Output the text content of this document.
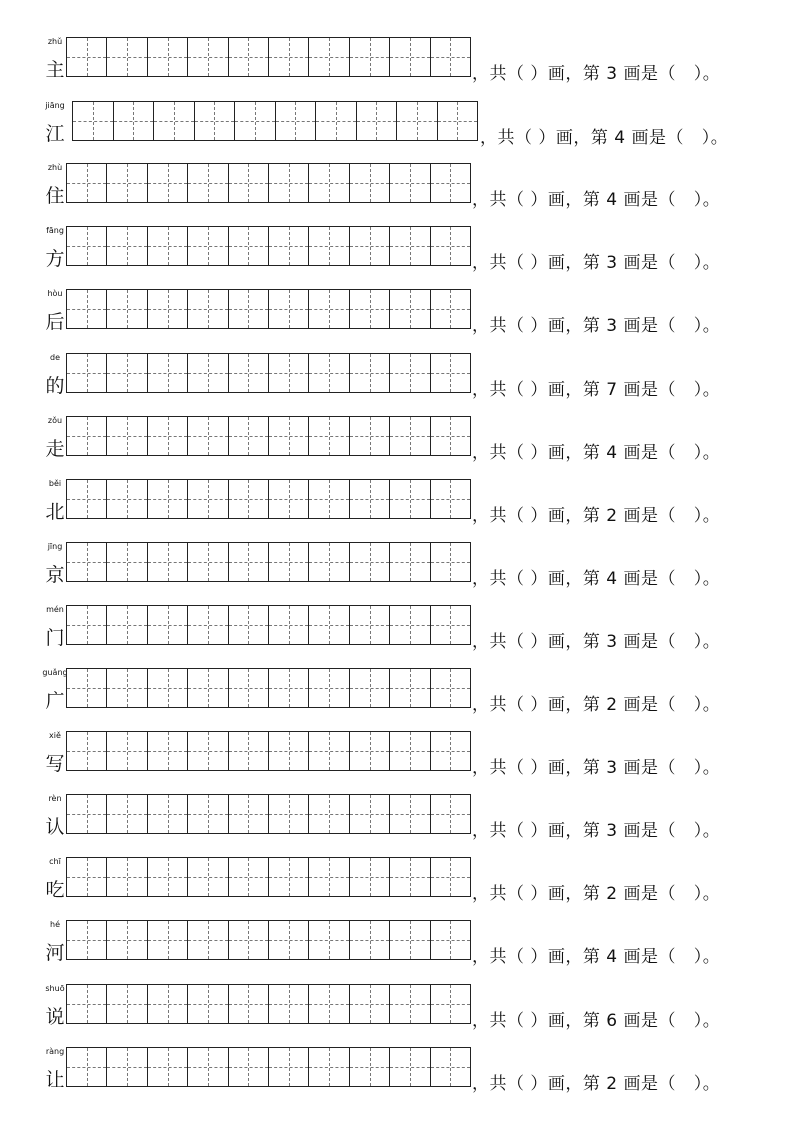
zhǔ
主	，共（ ）画，第 3 画是（   ）。
jiāng
江	，共（ ）画，第 4 画是（   ）。
zhù
住	，共（ ）画，第 4 画是（   ）。
fāng
方	，共（ ）画，第 3 画是（   ）。
hòu
后	，共（ ）画，第 3 画是（   ）。
de
的	，共（ ）画，第 7 画是（   ）。
zǒu
走	，共（ ）画，第 4 画是（   ）。
běi
北	，共（ ）画，第 2 画是（   ）。
jīng
京	，共（ ）画，第 4 画是（   ）。
mén
门	，共（ ）画，第 3 画是（   ）。
guǎng
广	，共（ ）画，第 2 画是（   ）。
xiě
写	，共（ ）画，第 3 画是（   ）。
rèn
认	，共（ ）画，第 3 画是（   ）。
chī
吃	，共（ ）画，第 2 画是（   ）。
hé
河	，共（ ）画，第 4 画是（   ）。
shuō
说	，共（ ）画，第 6 画是（   ）。
ràng
让	，共（ ）画，第 2 画是（   ）。
